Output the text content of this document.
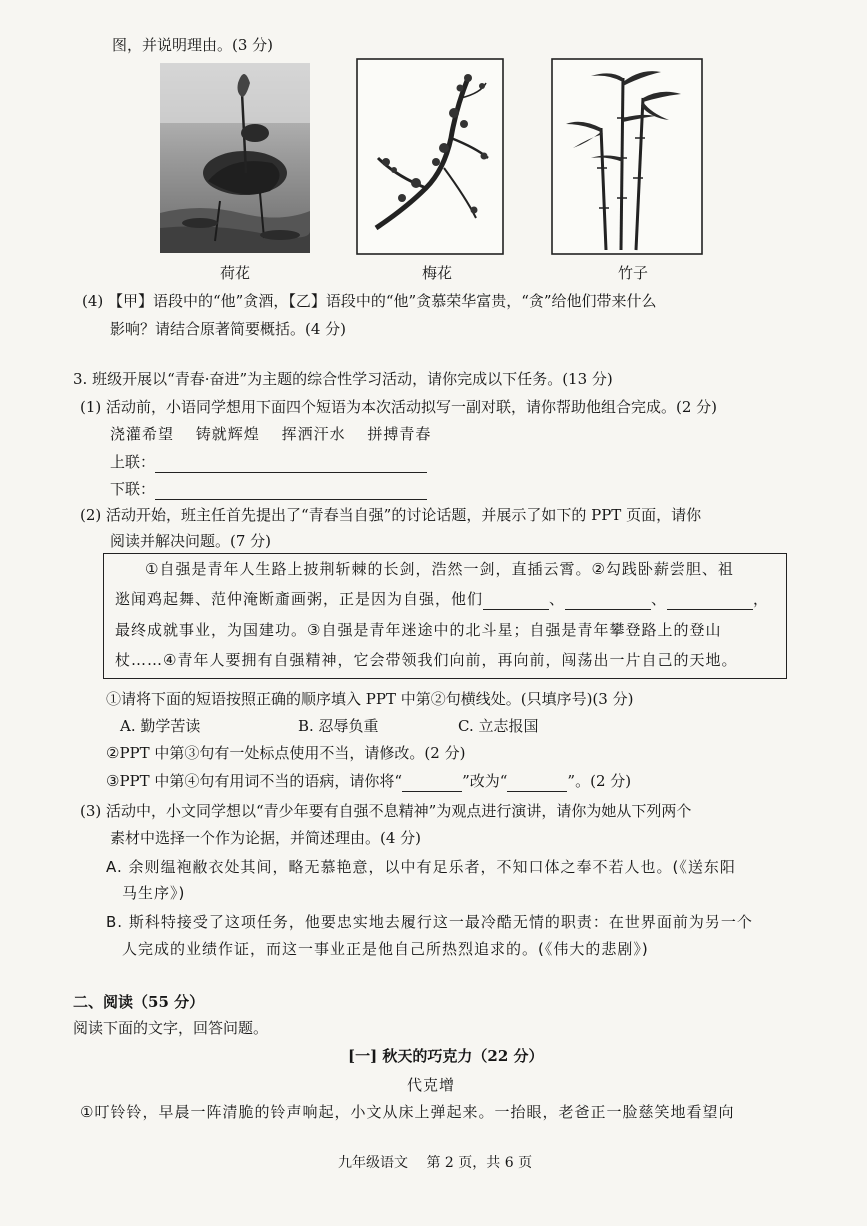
图，并说明理由。(3 分)
荷花	梅花	竹子
(4) 【甲】语段中的“他”贪酒，【乙】语段中的“他”贪慕荣华富贵，“贪”给他们带来什么
影响？请结合原著简要概括。(4 分)
3. 班级开展以“青春·奋进”为主题的综合性学习活动，请你完成以下任务。(13 分)
(1) 活动前，小语同学想用下面四个短语为本次活动拟写一副对联，请你帮助他组合完成。(2 分)
浇灌希望　 铸就辉煌　 挥洒汗水　 拼搏青春
上联：
下联：
(2) 活动开始，班主任首先提出了“青春当自强”的讨论话题，并展示了如下的 PPT 页面，请你
阅读并解决问题。(7 分)
①自强是青年人生路上披荆斩棘的长剑，浩然一剑，直插云霄。②勾践卧薪尝胆、祖
逖闻鸡起舞、范仲淹断齑画粥，正是因为自强，他们	、	、	，
最终成就事业，为国建功。③自强是青年迷途中的北斗星；自强是青年攀登路上的登山
杖……④青年人要拥有自强精神，它会带领我们向前，再向前，闯荡出一片自己的天地。
①请将下面的短语按照正确的顺序填入 PPT 中第②句横线处。(只填序号)(3 分)
A. 勤学苦读	B. 忍辱负重	C. 立志报国
②PPT 中第③句有一处标点使用不当，请修改。(2 分)
③PPT 中第④句有用词不当的语病，请你将“	”改为“	”。(2 分)
(3) 活动中，小文同学想以“青少年要有自强不息精神”为观点进行演讲，请你为她从下列两个
素材中选择一个作为论据，并简述理由。(4 分)
A. 余则缊袍敝衣处其间，略无慕艳意，以中有足乐者，不知口体之奉不若人也。(《送东阳
马生序》)
B. 斯科特接受了这项任务，他要忠实地去履行这一最冷酷无情的职责：在世界面前为另一个
人完成的业绩作证，而这一事业正是他自己所热烈追求的。(《伟大的悲剧》)
二、阅读（55 分）
阅读下面的文字，回答问题。
[一] 秋天的巧克力（22 分）
代克增
①叮铃铃，早晨一阵清脆的铃声响起，小文从床上弹起来。一抬眼，老爸正一脸慈笑地看望向
九年级语文　 第 2 页，共 6 页
